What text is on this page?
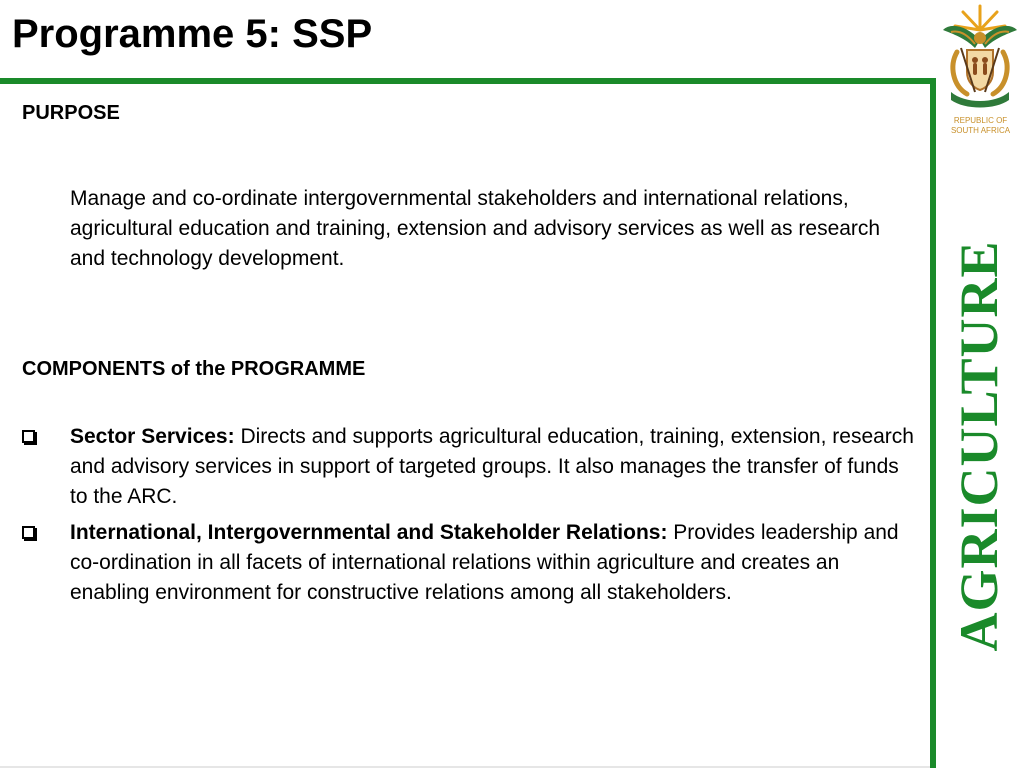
Programme 5: SSP
PURPOSE
Manage and co-ordinate intergovernmental stakeholders and international relations, agricultural education and training, extension and advisory services as well as research and technology development.
COMPONENTS of the PROGRAMME
Sector Services: Directs and supports agricultural education, training, extension, research and advisory services in support of targeted groups. It also manages the transfer of funds to the ARC.
International, Intergovernmental and Stakeholder Relations: Provides leadership and co-ordination in all facets of international relations within agriculture and creates an enabling environment for constructive relations among all stakeholders.
REPUBLIC OF
SOUTH AFRICA
AGRICULTURE
